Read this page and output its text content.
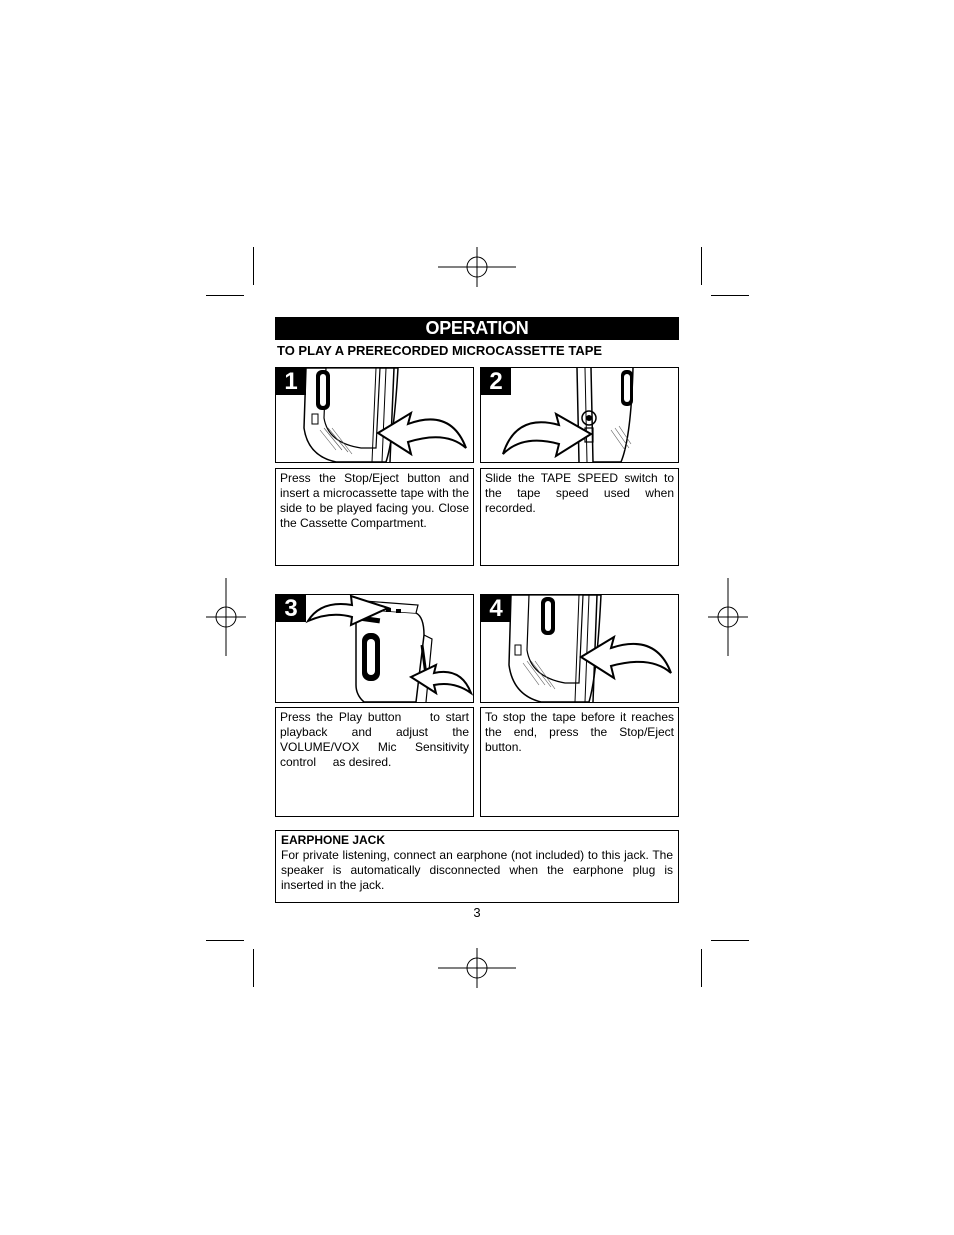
OPERATION
TO PLAY A PRERECORDED MICROCASSETTE TAPE
1	2
Press the Stop/Eject button and insert a microcassette tape with the side to be played facing you. Close the Cassette Compartment.
Slide the TAPE SPEED switch to the tape speed used when recorded.
3	4
Press the Play button     to start playback and adjust the VOLUME/VOX Mic Sensitivity control     as desired.
To stop the tape before it reaches the end, press the Stop/Eject button.
EARPHONE JACK
For private listening, connect an earphone (not included) to this jack. The speaker is automatically disconnected when the earphone plug is inserted in the jack.
3
